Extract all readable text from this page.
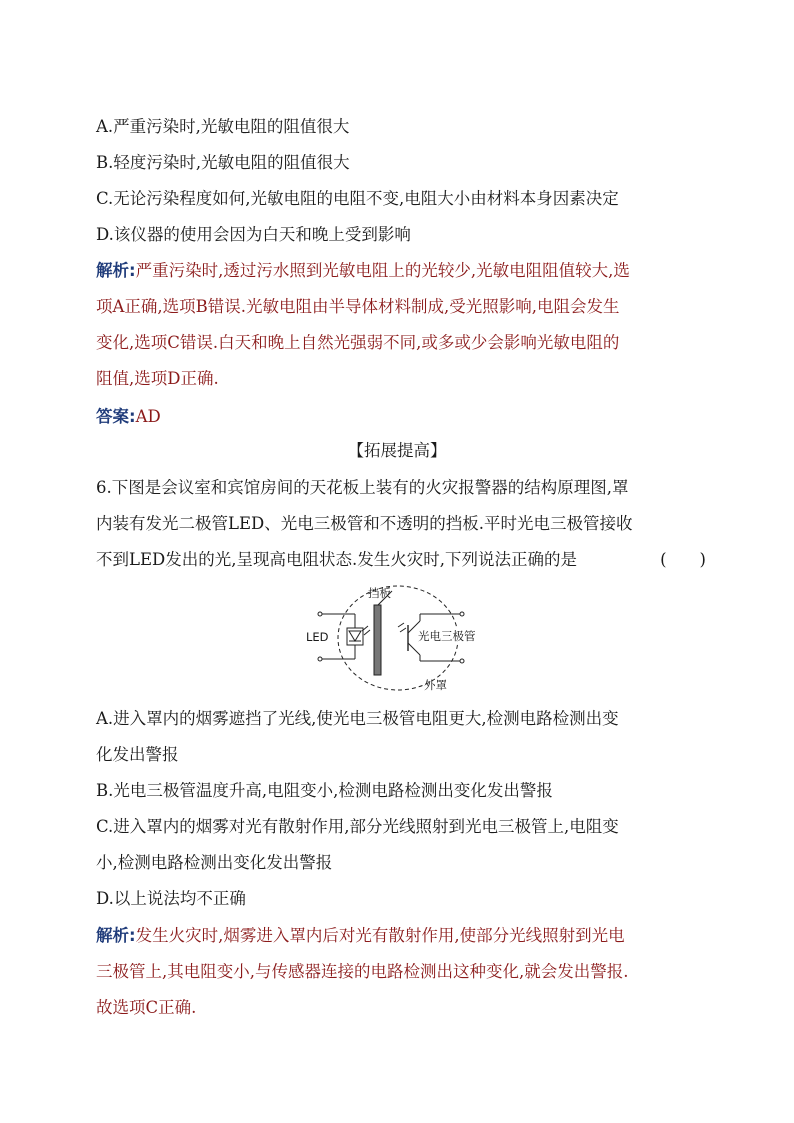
A.严重污染时,光敏电阻的阻值很大
B.轻度污染时,光敏电阻的阻值很大
C.无论污染程度如何,光敏电阻的电阻不变,电阻大小由材料本身因素决定
D.该仪器的使用会因为白天和晚上受到影响
解析:严重污染时,透过污水照到光敏电阻上的光较少,光敏电阻阻值较大,选
项A正确,选项B错误.光敏电阻由半导体材料制成,受光照影响,电阻会发生
变化,选项C错误.白天和晚上自然光强弱不同,或多或少会影响光敏电阻的
阻值,选项D正确.
答案:AD
【拓展提高】
6.下图是会议室和宾馆房间的天花板上装有的火灾报警器的结构原理图,罩
内装有发光二极管LED、光电三极管和不透明的挡板.平时光电三极管接收
不到LED发出的光,呈现高电阻状态.发生火灾时,下列说法正确的是	(　　)
挡板
LED	光电三极管
外罩
A.进入罩内的烟雾遮挡了光线,使光电三极管电阻更大,检测电路检测出变
化发出警报
B.光电三极管温度升高,电阻变小,检测电路检测出变化发出警报
C.进入罩内的烟雾对光有散射作用,部分光线照射到光电三极管上,电阻变
小,检测电路检测出变化发出警报
D.以上说法均不正确
解析:发生火灾时,烟雾进入罩内后对光有散射作用,使部分光线照射到光电
三极管上,其电阻变小,与传感器连接的电路检测出这种变化,就会发出警报.
故选项C正确.
